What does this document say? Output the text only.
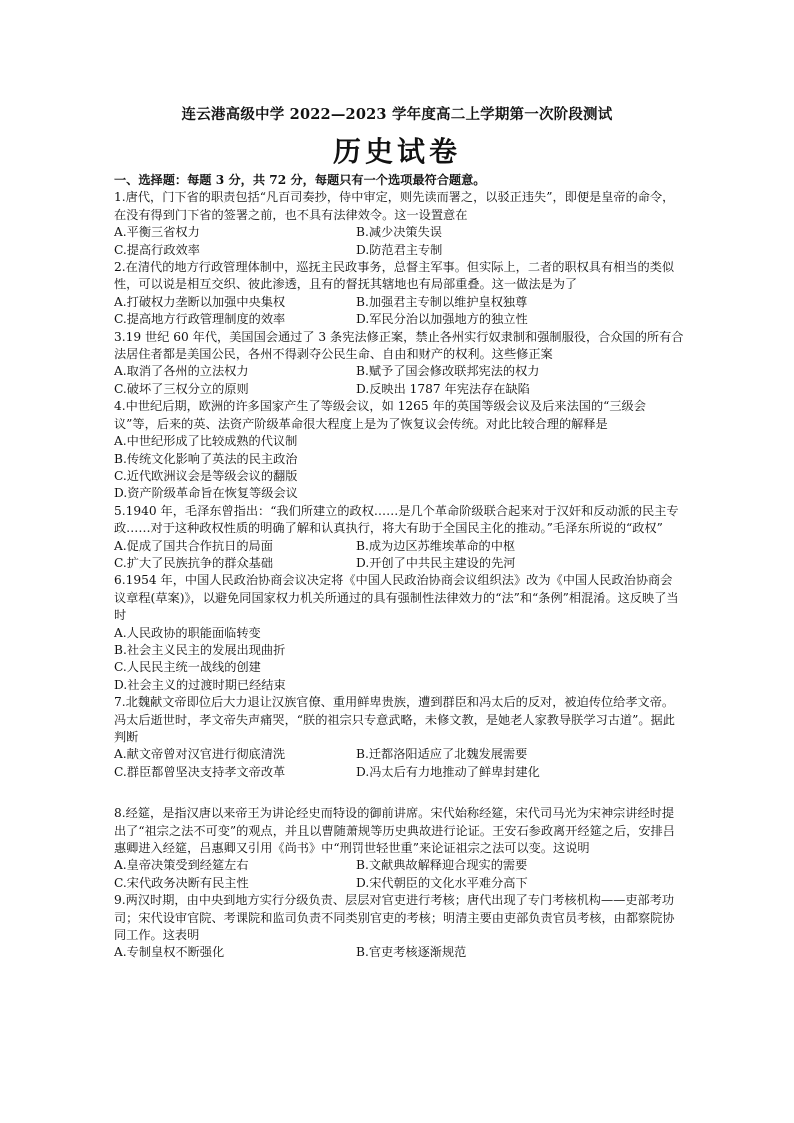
连云港高级中学 2022—2023 学年度高二上学期第一次阶段测试
历史试卷
一、选择题：每题 3 分，共 72 分，每题只有一个选项最符合题意。
1.唐代，门下省的职责包括“凡百司奏抄，侍中审定，则先读而署之，以驳正违失”，即便是皇帝的命令，在没有得到门下省的签署之前，也不具有法律效令。这一设置意在
A.平衡三省权力	B.减少决策失误
C.提高行政效率	D.防范君主专制
2.在清代的地方行政管理体制中，巡抚主民政事务，总督主军事。但实际上，二者的职权具有相当的类似性，可以说是相互交织、彼此渗透，且有的督抚其辖地也有局部重叠。这一做法是为了
A.打破权力垄断以加强中央集权	B.加强君主专制以维护皇权独尊
C.提高地方行政管理制度的效率	D.军民分治以加强地方的独立性
3.19 世纪 60 年代，美国国会通过了 3 条宪法修正案，禁止各州实行奴隶制和强制服役，合众国的所有合法居住者都是美国公民，各州不得剥夺公民生命、自由和财产的权利。这些修正案
A.取消了各州的立法权力	B.赋予了国会修改联邦宪法的权力
C.破坏了三权分立的原则	D.反映出 1787 年宪法存在缺陷
4.中世纪后期，欧洲的许多国家产生了等级会议，如 1265 年的英国等级会议及后来法国的“三级会议”等，后来的英、法资产阶级革命很大程度上是为了恢复议会传统。对此比较合理的解释是
A.中世纪形成了比较成熟的代议制
B.传统文化影响了英法的民主政治
C.近代欧洲议会是等级会议的翻版
D.资产阶级革命旨在恢复等级会议
5.1940 年，毛泽东曾指出：“我们所建立的政权……是几个革命阶级联合起来对于汉奸和反动派的民主专政……对于这种政权性质的明确了解和认真执行，将大有助于全国民主化的推动。”毛泽东所说的“政权”
A.促成了国共合作抗日的局面	B.成为边区苏维埃革命的中枢
C.扩大了民族抗争的群众基础	D.开创了中共民主建设的先河
6.1954 年，中国人民政治协商会议决定将《中国人民政治协商会议组织法》改为《中国人民政治协商会议章程(草案)》，以避免同国家权力机关所通过的具有强制性法律效力的“法”和“条例”相混淆。这反映了当时
A.人民政协的职能面临转变
B.社会主义民主的发展出现曲折
C.人民民主统一战线的创建
D.社会主义的过渡时期已经结束
7.北魏献文帝即位后大力退让汉族官僚、重用鲜卑贵族，遭到群臣和冯太后的反对，被迫传位给孝文帝。冯太后逝世时，孝文帝失声痛哭，“朕的祖宗只专意武略，未修文教，是她老人家教导朕学习古道”。据此判断
A.献文帝曾对汉官进行彻底清洗	B.迁都洛阳适应了北魏发展需要
C.群臣都曾坚决支持孝文帝改革	D.冯太后有力地推动了鲜卑封建化
8.经筵，是指汉唐以来帝王为讲论经史而特设的御前讲席。宋代始称经筵，宋代司马光为宋神宗讲经时提出了“祖宗之法不可变”的观点，并且以曹随萧规等历史典故进行论证。王安石参政离开经筵之后，安排吕惠卿进入经筵，吕惠卿又引用《尚书》中“刑罚世轻世重”来论证祖宗之法可以变。这说明
A.皇帝决策受到经筵左右	B.文献典故解释迎合现实的需要
C.宋代政务决断有民主性	D.宋代朝臣的文化水平难分高下
9.两汉时期，由中央到地方实行分级负责、层层对官吏进行考核；唐代出现了专门考核机构——吏部考功司；宋代设审官院、考课院和监司负责不同类别官吏的考核；明清主要由吏部负责官员考核，由都察院协同工作。这表明
A.专制皇权不断强化	B.官吏考核逐渐规范
